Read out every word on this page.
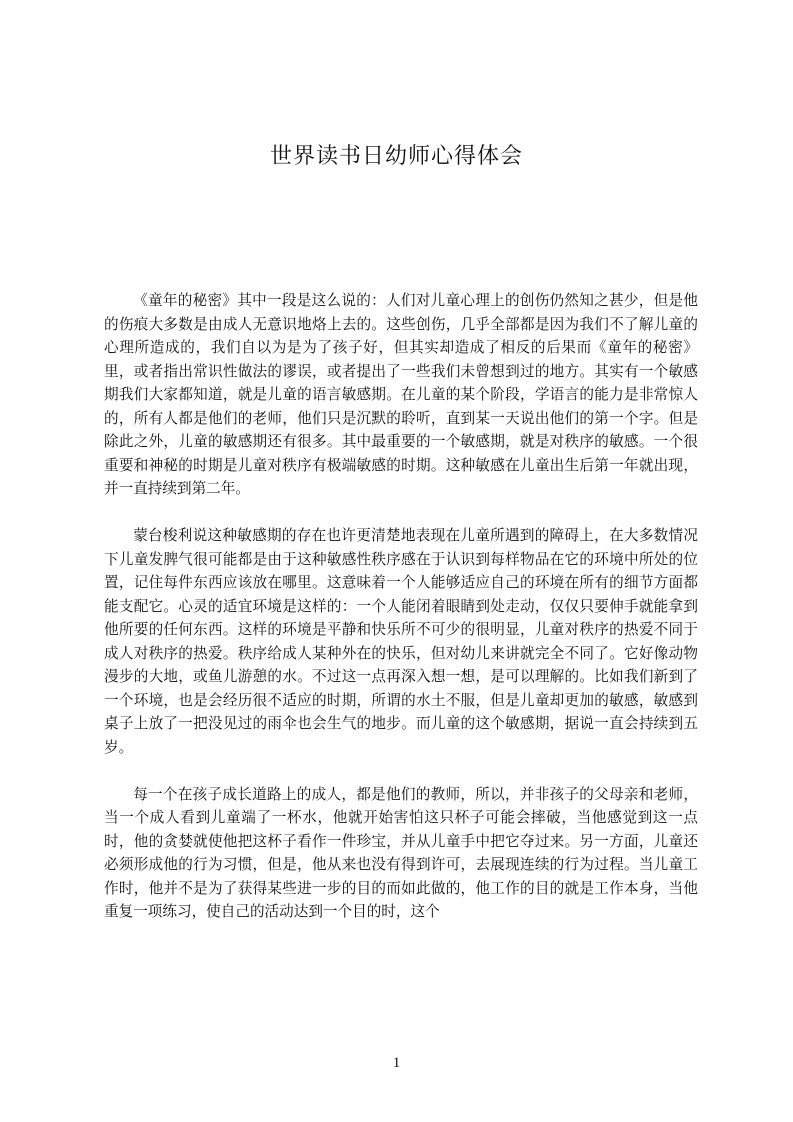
世界读书日幼师心得体会

《童年的秘密》其中一段是这么说的：人们对儿童心理上的创伤仍然知之甚少，但是他的伤痕大多数是由成人无意识地烙上去的。这些创伤，几乎全部都是因为我们不了解儿童的心理所造成的，我们自以为是为了孩子好，但其实却造成了相反的后果而《童年的秘密》里，或者指出常识性做法的谬误，或者提出了一些我们未曾想到过的地方。其实有一个敏感期我们大家都知道，就是儿童的语言敏感期。在儿童的某个阶段，学语言的能力是非常惊人的，所有人都是他们的老师，他们只是沉默的聆听，直到某一天说出他们的第一个字。但是除此之外，儿童的敏感期还有很多。其中最重要的一个敏感期，就是对秩序的敏感。一个很重要和神秘的时期是儿童对秩序有极端敏感的时期。这种敏感在儿童出生后第一年就出现，并一直持续到第二年。

蒙台梭利说这种敏感期的存在也许更清楚地表现在儿童所遇到的障碍上，在大多数情况下儿童发脾气很可能都是由于这种敏感性秩序感在于认识到每样物品在它的环境中所处的位置，记住每件东西应该放在哪里。这意味着一个人能够适应自己的环境在所有的细节方面都能支配它。心灵的适宜环境是这样的：一个人能闭着眼睛到处走动，仅仅只要伸手就能拿到他所要的任何东西。这样的环境是平静和快乐所不可少的很明显，儿童对秩序的热爱不同于成人对秩序的热爱。秩序给成人某种外在的快乐，但对幼儿来讲就完全不同了。它好像动物漫步的大地，或鱼儿游憩的水。不过这一点再深入想一想，是可以理解的。比如我们新到了一个环境，也是会经历很不适应的时期，所谓的水土不服，但是儿童却更加的敏感，敏感到桌子上放了一把没见过的雨伞也会生气的地步。而儿童的这个敏感期，据说一直会持续到五岁。

每一个在孩子成长道路上的成人，都是他们的教师，所以，并非孩子的父母亲和老师，当一个成人看到儿童端了一杯水，他就开始害怕这只杯子可能会摔破，当他感觉到这一点时，他的贪婪就使他把这杯子看作一件珍宝，并从儿童手中把它夺过来。另一方面，儿童还必须形成他的行为习惯，但是，他从来也没有得到许可，去展现连续的行为过程。当儿童工作时，他并不是为了获得某些进一步的目的而如此做的，他工作的目的就是工作本身，当他重复一项练习，使自己的活动达到一个目的时，这个

1
